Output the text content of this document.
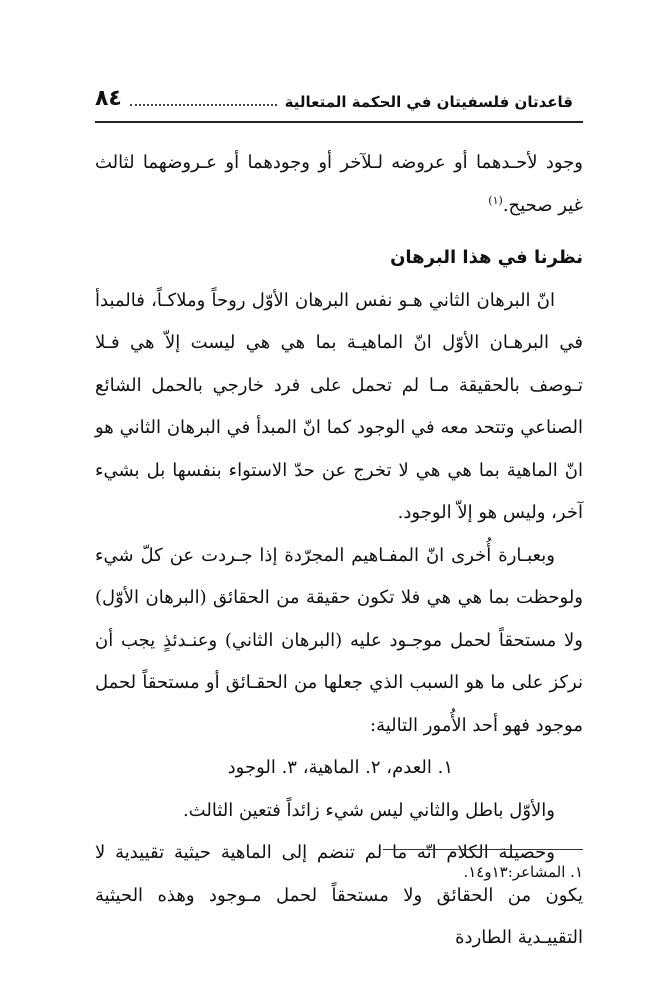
قاعدتان فلسفيتان في الحكمة المتعالية
٨٤

وجود لأحـدهما أو عروضه لـلآخر أو وجودهما أو عـروضهما لثالث غير صحيح.$^{(١)}$

نظرنا في هذا البرهان

انّ البرهان الثاني هـو نفس البرهان الأوّل روحاً وملاكـاً، فالمبدأ في البرهـان الأوّل انّ الماهيـة بما هي هي ليست إلاّ هي فـلا تـوصف بالحقيقة مـا لم تحمل على فرد خارجي بالحمل الشائع الصناعي وتتحد معه في الوجود كما انّ المبدأ في البرهان الثاني هو انّ الماهية بما هي هي لا تخرج عن حدّ الاستواء بنفسها بل بشيء آخر، وليس هو إلاّ الوجود.

وبعبـارة أُخرى انّ المفـاهيم المجرّدة إذا جـردت عن كلّ شيء ولوحظت بما هي هي فلا تكون حقيقة من الحقائق (البرهان الأوّل) ولا مستحقاً لحمل موجـود عليه (البرهان الثاني) وعنـدئذٍ يجب أن نركز على ما هو السبب الذي جعلها من الحقـائق أو مستحقاً لحمل موجود فهو أحد الأُمور التالية:

١. العدم، ٢. الماهية، ٣. الوجود

والأوّل باطل والثاني ليس شيء زائداً فتعين الثالث.

وحصيلة الكلام انّه ما لم تنضم إلى الماهية حيثية تقييدية لا يكون من الحقائق ولا مستحقاً لحمل مـوجود وهذه الحيثية التقييـدية الطاردة

١. المشاعر:١٣و١٤.
